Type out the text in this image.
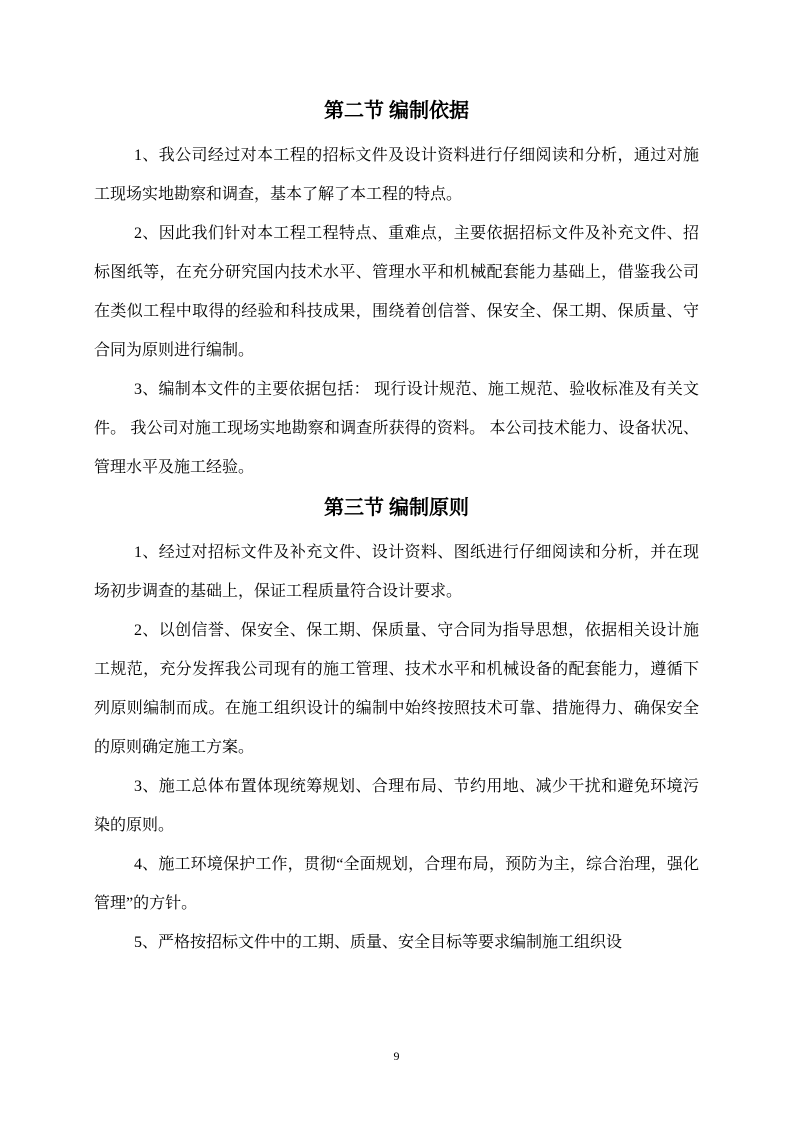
第二节 编制依据

1、我公司经过对本工程的招标文件及设计资料进行仔细阅读和分析，通过对施工现场实地勘察和调查，基本了解了本工程的特点。

2、因此我们针对本工程工程特点、重难点，主要依据招标文件及补充文件、招标图纸等，在充分研究国内技术水平、管理水平和机械配套能力基础上，借鉴我公司在类似工程中取得的经验和科技成果，围绕着创信誉、保安全、保工期、保质量、守合同为原则进行编制。

3、编制本文件的主要依据包括： 现行设计规范、施工规范、验收标准及有关文件。 我公司对施工现场实地勘察和调查所获得的资料。 本公司技术能力、设备状况、管理水平及施工经验。

第三节 编制原则

1、经过对招标文件及补充文件、设计资料、图纸进行仔细阅读和分析，并在现场初步调查的基础上，保证工程质量符合设计要求。

2、以创信誉、保安全、保工期、保质量、守合同为指导思想，依据相关设计施工规范，充分发挥我公司现有的施工管理、技术水平和机械设备的配套能力，遵循下列原则编制而成。在施工组织设计的编制中始终按照技术可靠、措施得力、确保安全的原则确定施工方案。

3、施工总体布置体现统筹规划、合理布局、节约用地、减少干扰和避免环境污染的原则。

4、施工环境保护工作，贯彻“全面规划，合理布局，预防为主，综合治理，强化管理”的方针。

5、严格按招标文件中的工期、质量、安全目标等要求编制施工组织设

9
